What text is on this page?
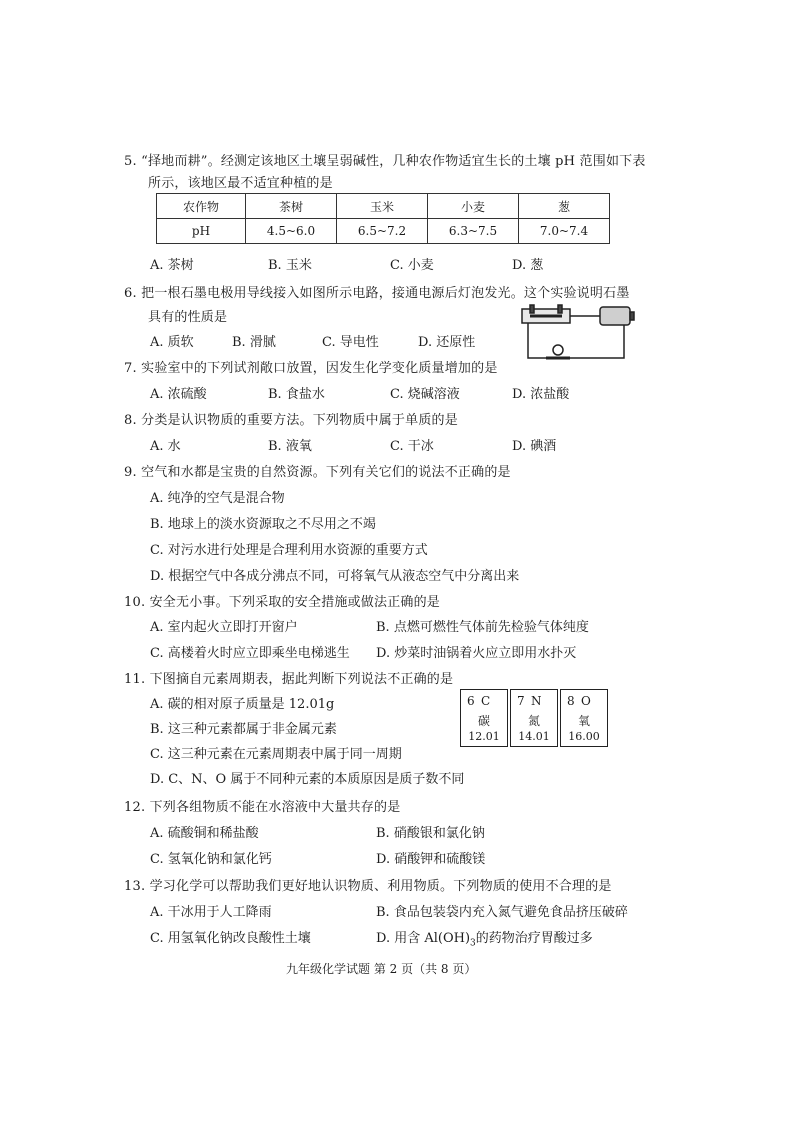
5. “择地而耕”。经测定该地区土壤呈弱碱性，几种农作物适宜生长的土壤 pH 范围如下表
所示，该地区最不适宜种植的是
农作物	茶树	玉米	小麦	葱
pH	4.5~6.0	6.5~7.2	6.3~7.5	7.0~7.4
A. 茶树	B. 玉米	C. 小麦	D. 葱
6. 把一根石墨电极用导线接入如图所示电路，接通电源后灯泡发光。这个实验说明石墨
具有的性质是
A. 质软	B. 滑腻	C. 导电性	D. 还原性
7. 实验室中的下列试剂敞口放置，因发生化学变化质量增加的是
A. 浓硫酸	B. 食盐水	C. 烧碱溶液	D. 浓盐酸
8. 分类是认识物质的重要方法。下列物质中属于单质的是
A. 水	B. 液氧	C. 干冰	D. 碘酒
9. 空气和水都是宝贵的自然资源。下列有关它们的说法不正确的是
A. 纯净的空气是混合物
B. 地球上的淡水资源取之不尽用之不竭
C. 对污水进行处理是合理利用水资源的重要方式
D. 根据空气中各成分沸点不同，可将氧气从液态空气中分离出来
10. 安全无小事。下列采取的安全措施或做法正确的是
A. 室内起火立即打开窗户	B. 点燃可燃性气体前先检验气体纯度
C. 高楼着火时应立即乘坐电梯逃生 D. 炒菜时油锅着火应立即用水扑灭
11. 下图摘自元素周期表，据此判断下列说法不正确的是
A. 碳的相对原子质量是 12.01g
B. 这三种元素都属于非金属元素
C. 这三种元素在元素周期表中属于同一周期
D. C、N、O 属于不同种元素的本质原因是质子数不同
6 C
碳
12.01
7 N
氮
14.01
8 O
氧
16.00
12. 下列各组物质不能在水溶液中大量共存的是
A. 硫酸铜和稀盐酸	B. 硝酸银和氯化钠
C. 氢氧化钠和氯化钙	D. 硝酸钾和硫酸镁
13. 学习化学可以帮助我们更好地认识物质、利用物质。下列物质的使用不合理的是
A. 干冰用于人工降雨	B. 食品包装袋内充入氮气避免食品挤压破碎
C. 用氢氧化钠改良酸性土壤	D. 用含 $Al(OH)_3$的药物治疗胃酸过多
九年级化学试题 第 2 页（共 8 页）
